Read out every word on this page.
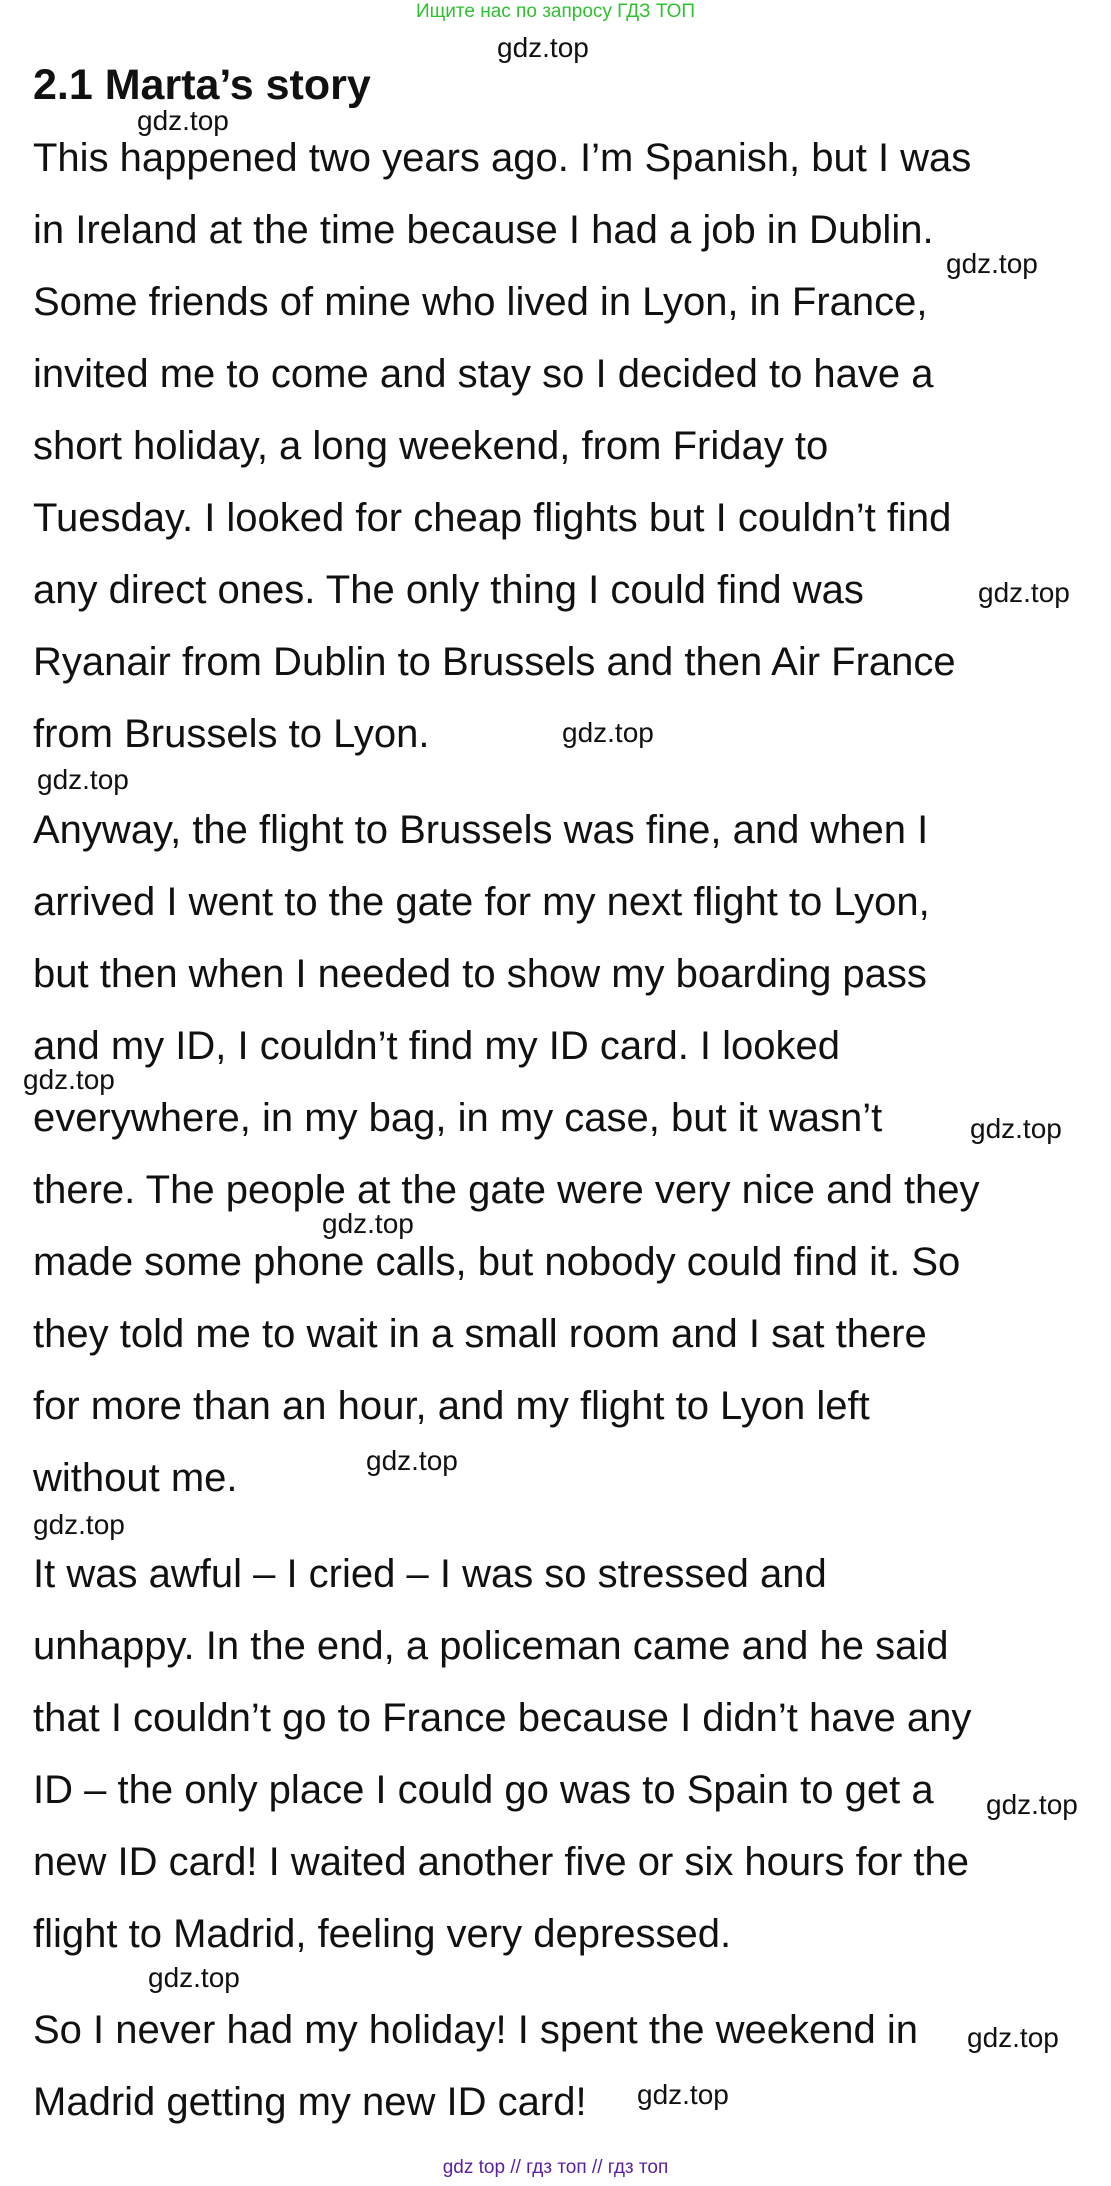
Ищите нас по запросу ГДЗ ТОП
2.1 Marta’s story
This happened two years ago. I’m Spanish, but I was
in Ireland at the time because I had a job in Dublin.
Some friends of mine who lived in Lyon, in France,
invited me to come and stay so I decided to have a
short holiday, a long weekend, from Friday to
Tuesday. I looked for cheap flights but I couldn’t find
any direct ones. The only thing I could find was
Ryanair from Dublin to Brussels and then Air France
from Brussels to Lyon.
Anyway, the flight to Brussels was fine, and when I
arrived I went to the gate for my next flight to Lyon,
but then when I needed to show my boarding pass
and my ID, I couldn’t find my ID card. I looked
everywhere, in my bag, in my case, but it wasn’t
there. The people at the gate were very nice and they
made some phone calls, but nobody could find it. So
they told me to wait in a small room and I sat there
for more than an hour, and my flight to Lyon left
without me.
It was awful – I cried – I was so stressed and
unhappy. In the end, a policeman came and he said
that I couldn’t go to France because I didn’t have any
ID – the only place I could go was to Spain to get a
new ID card! I waited another five or six hours for the
flight to Madrid, feeling very depressed.
So I never had my holiday! I spent the weekend in
Madrid getting my new ID card!
gdz.top
gdz.top
gdz.top
gdz.top
gdz.top
gdz.top
gdz.top
gdz.top
gdz.top
gdz.top
gdz.top
gdz.top
gdz.top
gdz.top
gdz.top
gdz top // гдз топ // гдз топ
